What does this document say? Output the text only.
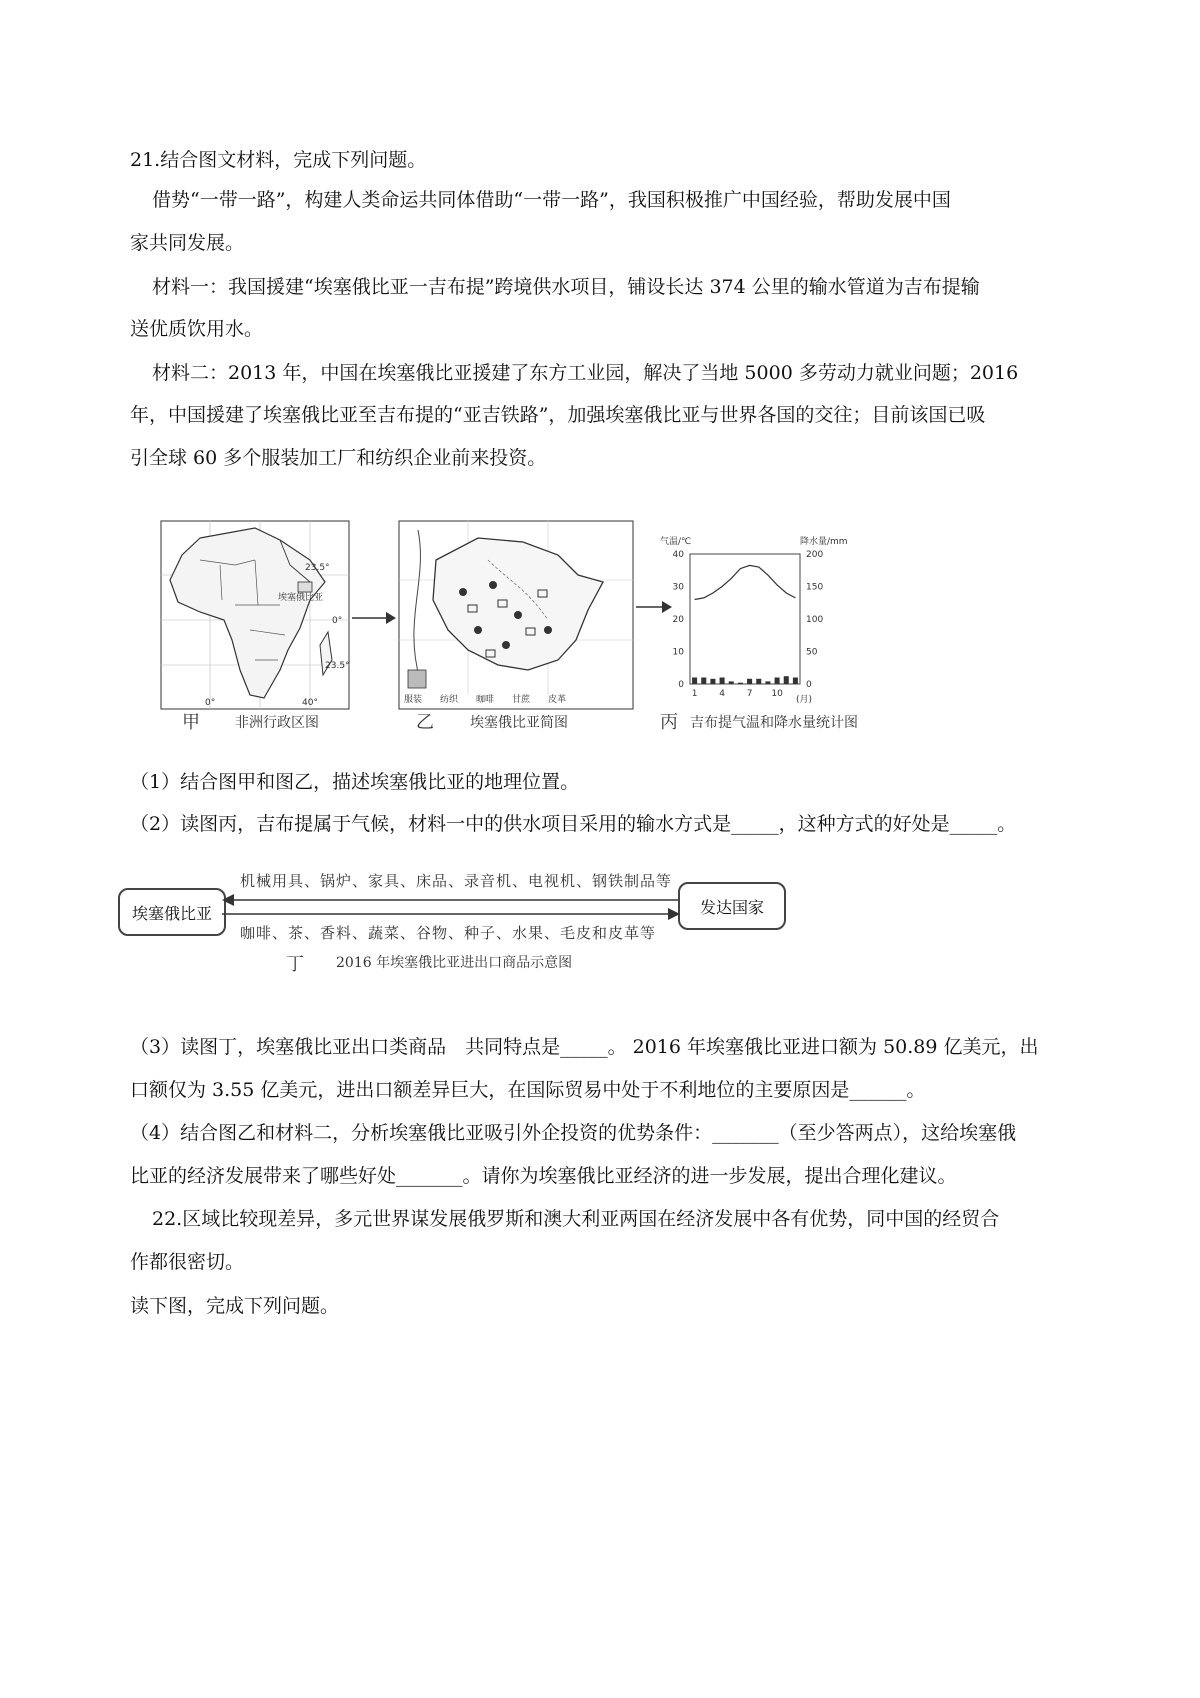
21.结合图文材料，完成下列问题。
借势“一带一路”，构建人类命运共同体借助“一带一路”，我国积极推广中国经验，帮助发展中国
家共同发展。
材料一：我国援建“埃塞俄比亚一吉布提”跨境供水项目，铺设长达 374 公里的输水管道为吉布提输
送优质饮用水。
材料二：2013 年，中国在埃塞俄比亚援建了东方工业园，解决了当地 5000 多劳动力就业问题；2016
年，中国援建了埃塞俄比亚至吉布提的“亚吉铁路”，加强埃塞俄比亚与世界各国的交往；目前该国已吸
引全球 60 多个服装加工厂和纺织企业前来投资。
埃塞俄比亚
23.5°
0°
23.5°
0°	40°
甲	非洲行政区图
服装 纺织 咖啡 甘蔗 皮革
乙	埃塞俄比亚简图
气温/℃	降水量/mm
40
30
20
10
0
200
150
100
50
0
1 4 7 10
(月)
丙 吉布提气温和降水量统计图
（1）结合图甲和图乙，描述埃塞俄比亚的地理位置。
（2）读图丙，吉布提属于气候，材料一中的供水项目采用的输水方式是_____，这种方式的好处是_____。
埃塞俄比亚	发达国家
机械用具、锅炉、家具、床品、录音机、电视机、钢铁制品等
咖啡、茶、香料、蔬菜、谷物、种子、水果、毛皮和皮革等
丁 2016 年埃塞俄比亚进出口商品示意图
（3）读图丁，埃塞俄比亚出口类商品　共同特点是_____。 2016 年埃塞俄比亚进口额为 50.89 亿美元，出
口额仅为 3.55 亿美元，进出口额差异巨大，在国际贸易中处于不利地位的主要原因是______。
（4）结合图乙和材料二，分析埃塞俄比亚吸引外企投资的优势条件：_______（至少答两点），这给埃塞俄
比亚的经济发展带来了哪些好处_______。请你为埃塞俄比亚经济的进一步发展，提出合理化建议。
22.区域比较现差异，多元世界谋发展俄罗斯和澳大利亚两国在经济发展中各有优势，同中国的经贸合
作都很密切。
读下图，完成下列问题。
